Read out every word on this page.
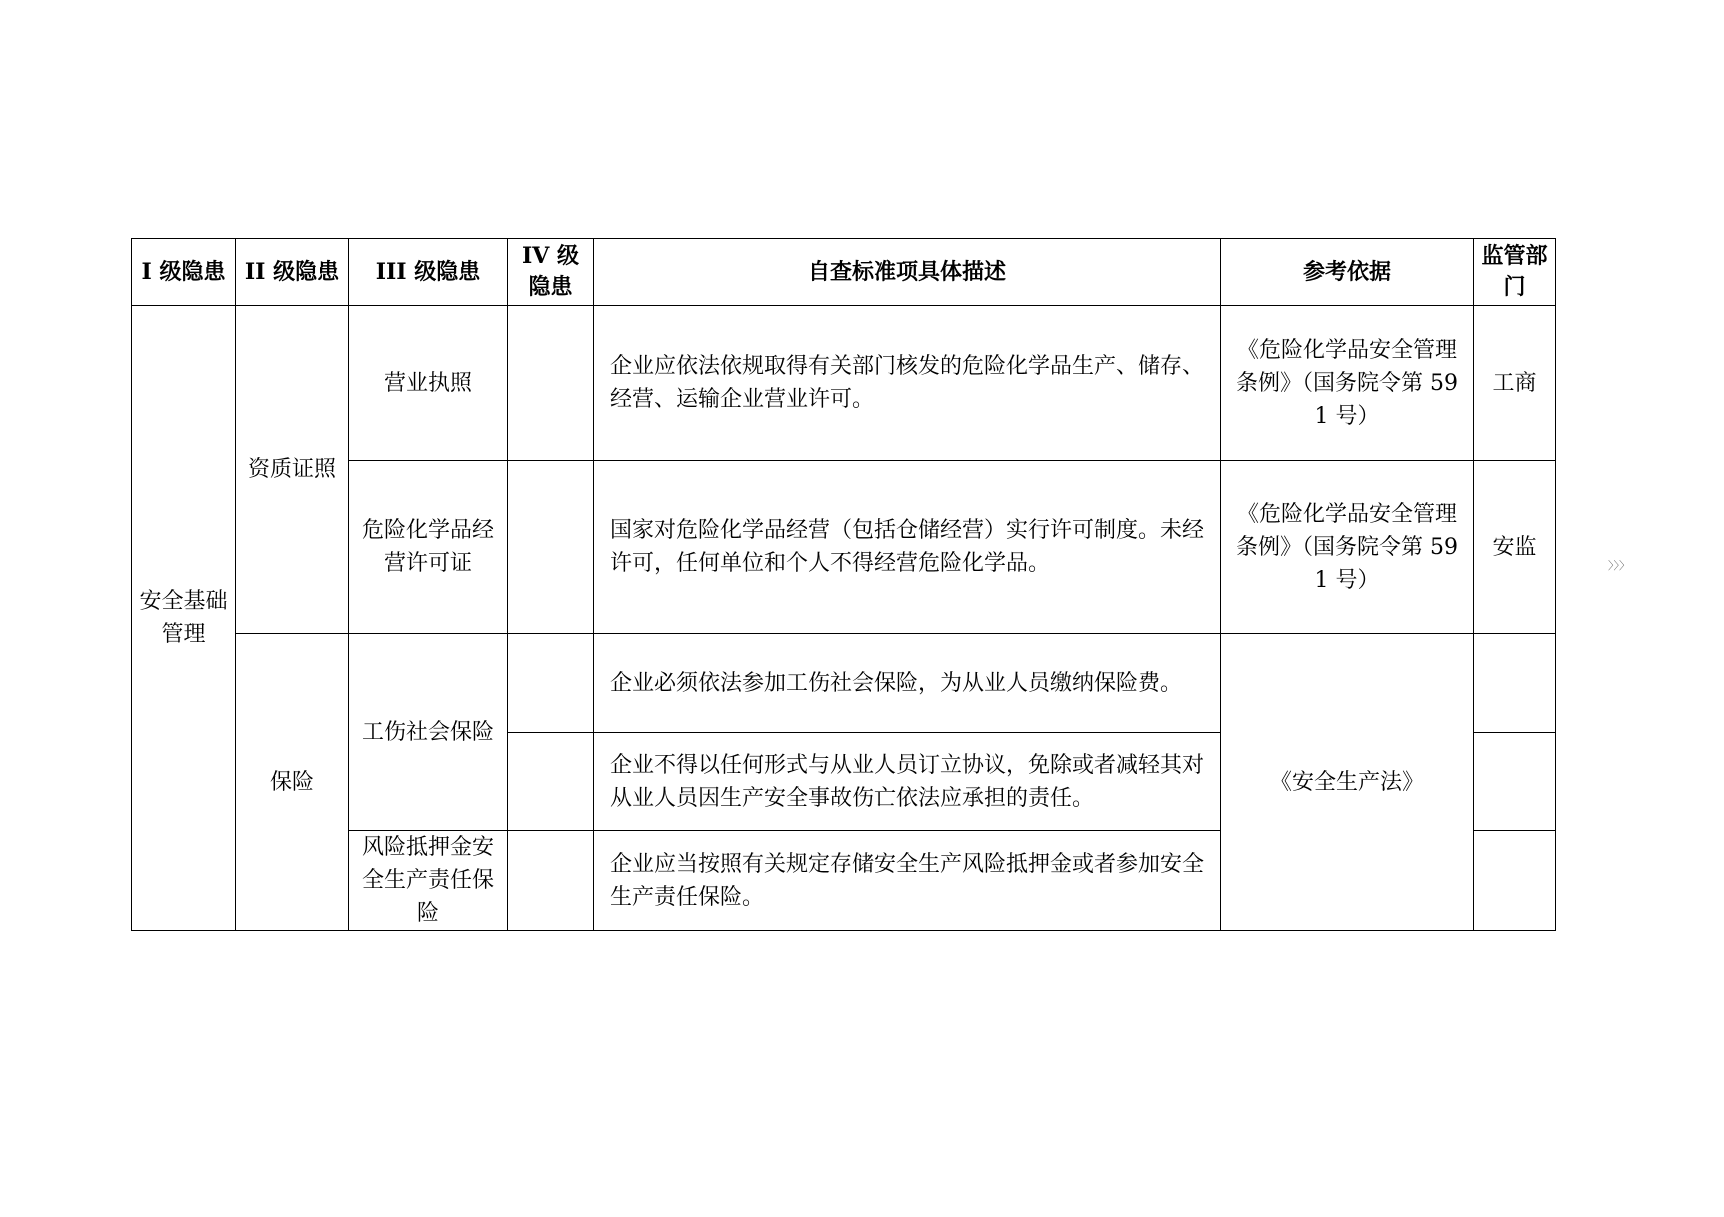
I 级隐患	II 级隐患	III 级隐患	IV 级隐患	自查标准项具体描述	参考依据	监管部门
安全基础管理	资质证照	营业执照		企业应依法依规取得有关部门核发的危险化学品生产、储存、经营、运输企业营业许可。	《危险化学品安全管理条例》（国务院令第 591 号）	工商
		危险化学品经营许可证		国家对危险化学品经营（包括仓储经营）实行许可制度。未经许可，任何单位和个人不得经营危险化学品。	《危险化学品安全管理条例》（国务院令第 591 号）	安监
	保险	工伤社会保险		企业必须依法参加工伤社会保险，为从业人员缴纳保险费。	《安全生产法》	
				企业不得以任何形式与从业人员订立协议，免除或者减轻其对从业人员因生产安全事故伤亡依法应承担的责任。		
		风险抵押金安全生产责任保险		企业应当按照有关规定存储安全生产风险抵押金或者参加安全生产责任保险。		
〉〉〉
